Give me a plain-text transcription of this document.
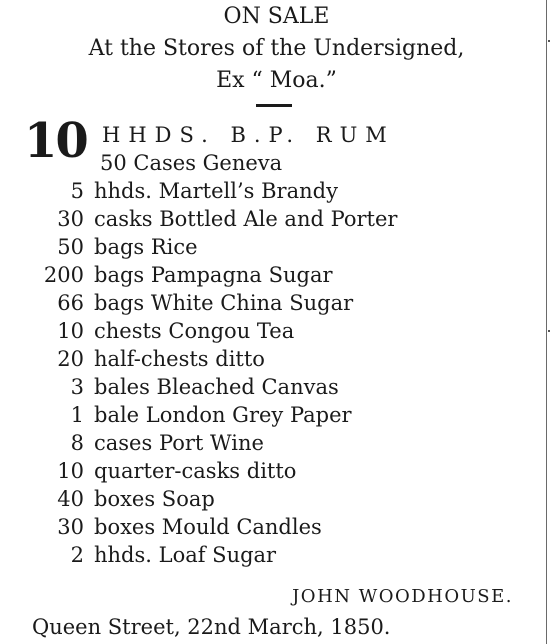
ON SALE
At the Stores of the Undersigned,
Ex “ Moa.”
10 HHDS. B.P. RUM
50 Cases Geneva
5 hhds. Martell’s Brandy
30 casks Bottled Ale and Porter
50 bags Rice
200 bags Pampagna Sugar
66 bags White China Sugar
10 chests Congou Tea
20 half-chests ditto
3 bales Bleached Canvas
1 bale London Grey Paper
8 cases Port Wine
10 quarter-casks ditto
40 boxes Soap
30 boxes Mould Candles
2 hhds. Loaf Sugar
JOHN WOODHOUSE.
Queen Street, 22nd March, 1850.
